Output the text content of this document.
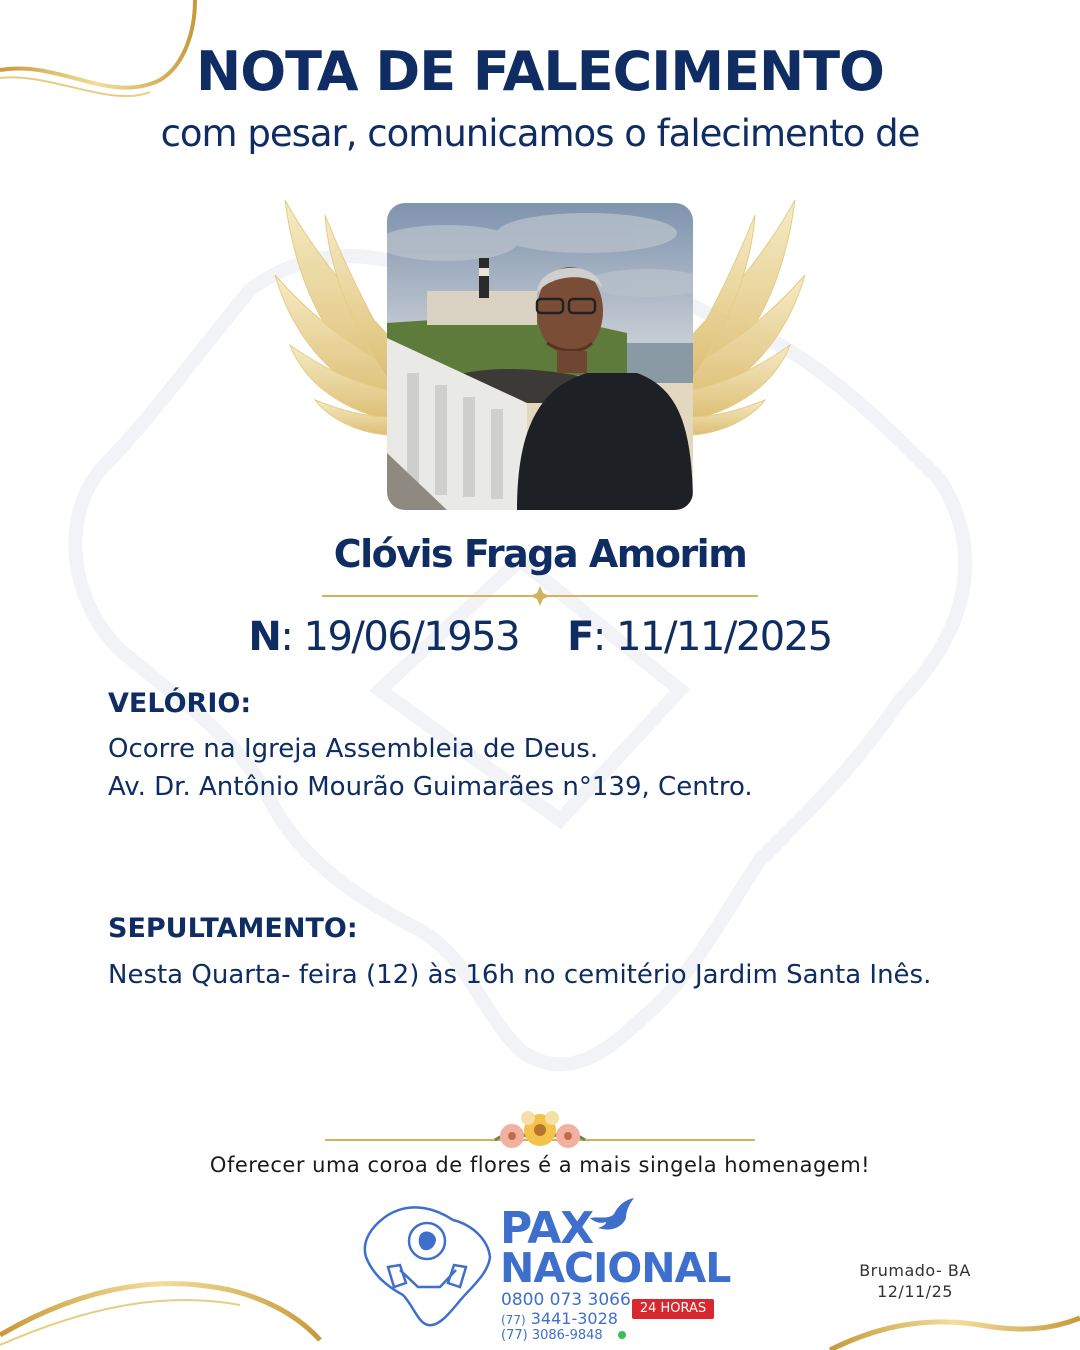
NOTA DE FALECIMENTO
com pesar, comunicamos o falecimento de
Clóvis Fraga Amorim
N: 19/06/1953 F: 11/11/2025
VELÓRIO:
Ocorre na Igreja Assembleia de Deus.
Av. Dr. Antônio Mourão Guimarães n°139, Centro.
SEPULTAMENTO:
Nesta Quarta- feira (12) às 16h no cemitério Jardim Santa Inês.
Oferecer uma coroa de flores é a mais singela homenagem!
PAX
NACIONAL
0800 073 3066 24 HORAS
(77) 3441-3028
(77) 3086-9848
Brumado- BA
12/11/25
